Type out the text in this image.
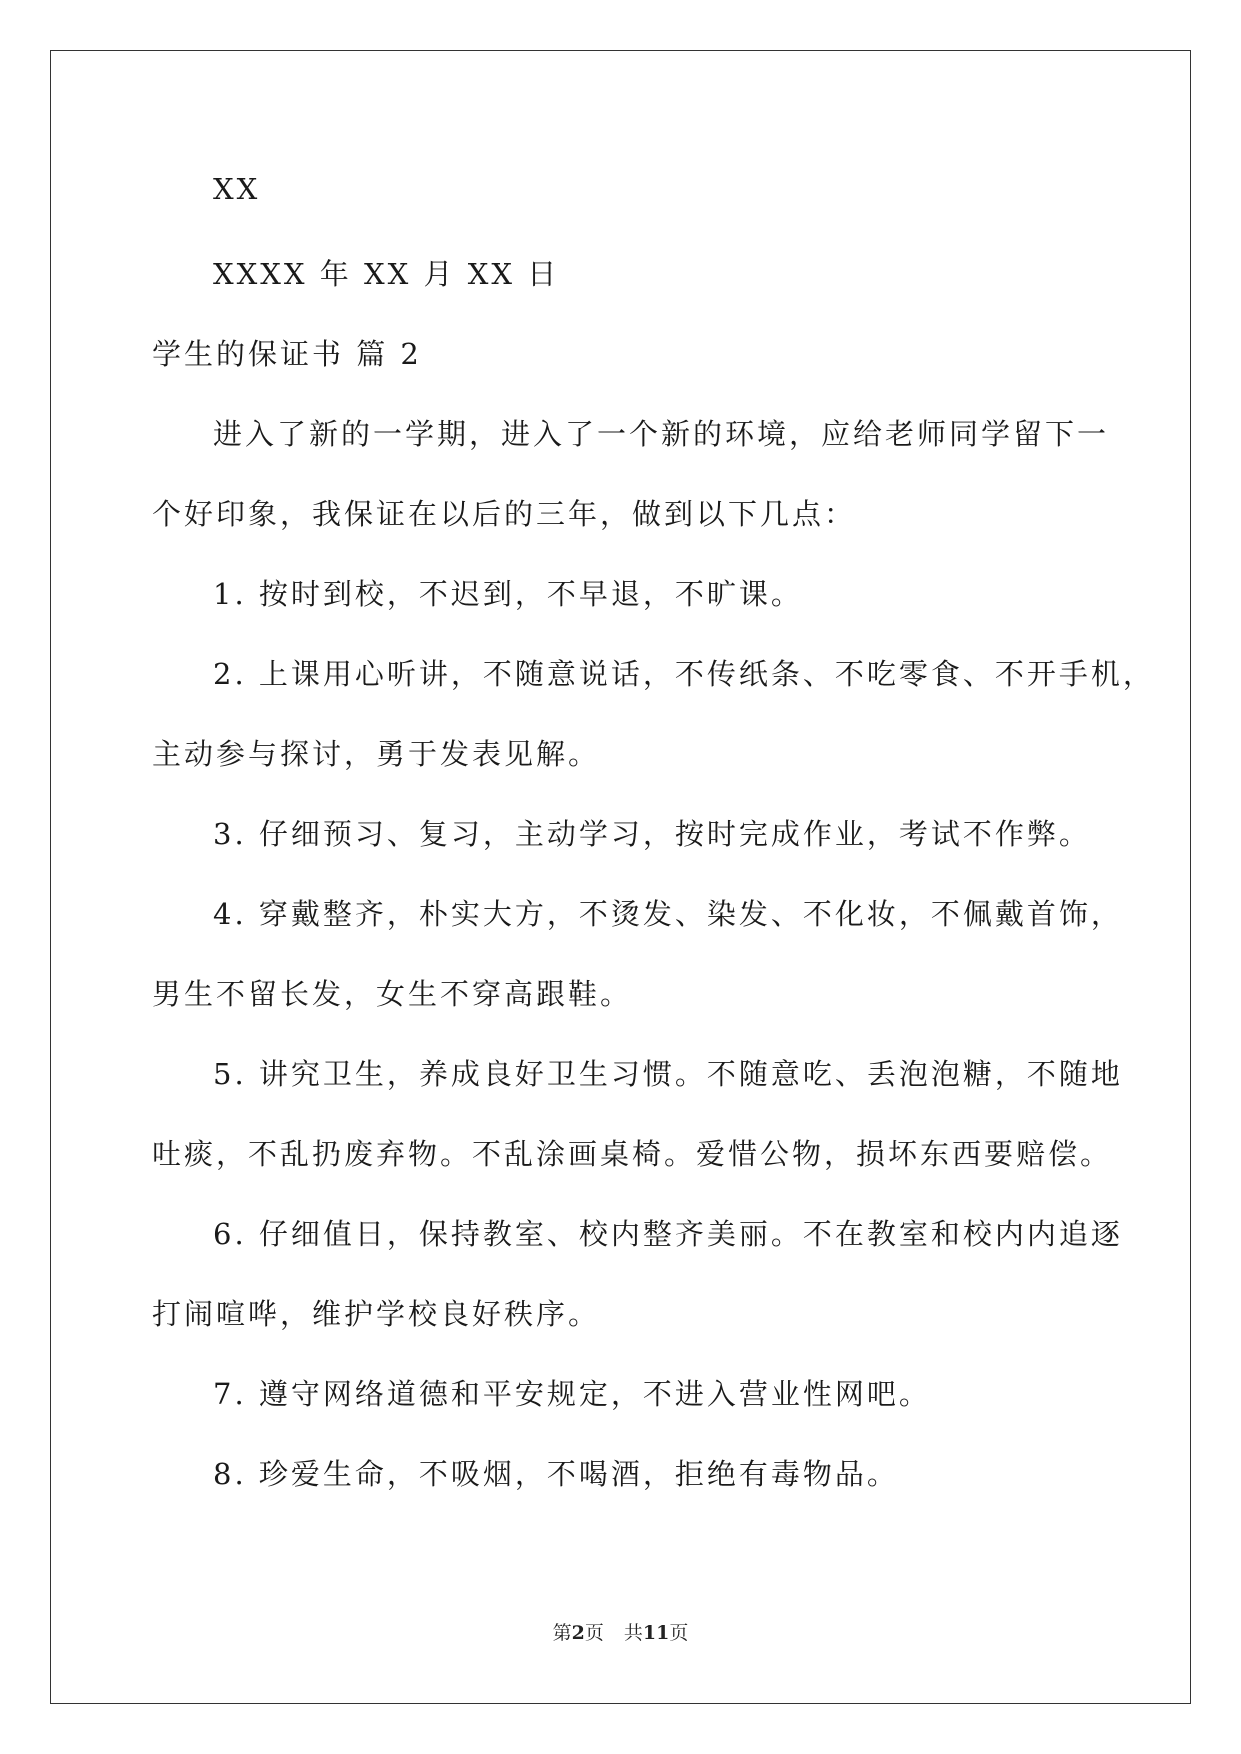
XX
XXXX 年 XX 月 XX 日
学生的保证书 篇 2
进入了新的一学期，进入了一个新的环境，应给老师同学留下一
个好印象，我保证在以后的三年，做到以下几点：
1. 按时到校，不迟到，不早退，不旷课。
2. 上课用心听讲，不随意说话，不传纸条、不吃零食、不开手机，
主动参与探讨，勇于发表见解。
3. 仔细预习、复习，主动学习，按时完成作业，考试不作弊。
4. 穿戴整齐，朴实大方，不烫发、染发、不化妆，不佩戴首饰，
男生不留长发，女生不穿高跟鞋。
5. 讲究卫生，养成良好卫生习惯。不随意吃、丢泡泡糖，不随地
吐痰，不乱扔废弃物。不乱涂画桌椅。爱惜公物，损坏东西要赔偿。
6. 仔细值日，保持教室、校内整齐美丽。不在教室和校内内追逐
打闹喧哗，维护学校良好秩序。
7. 遵守网络道德和平安规定，不进入营业性网吧。
8. 珍爱生命，不吸烟，不喝酒，拒绝有毒物品。
第2页 共11页
